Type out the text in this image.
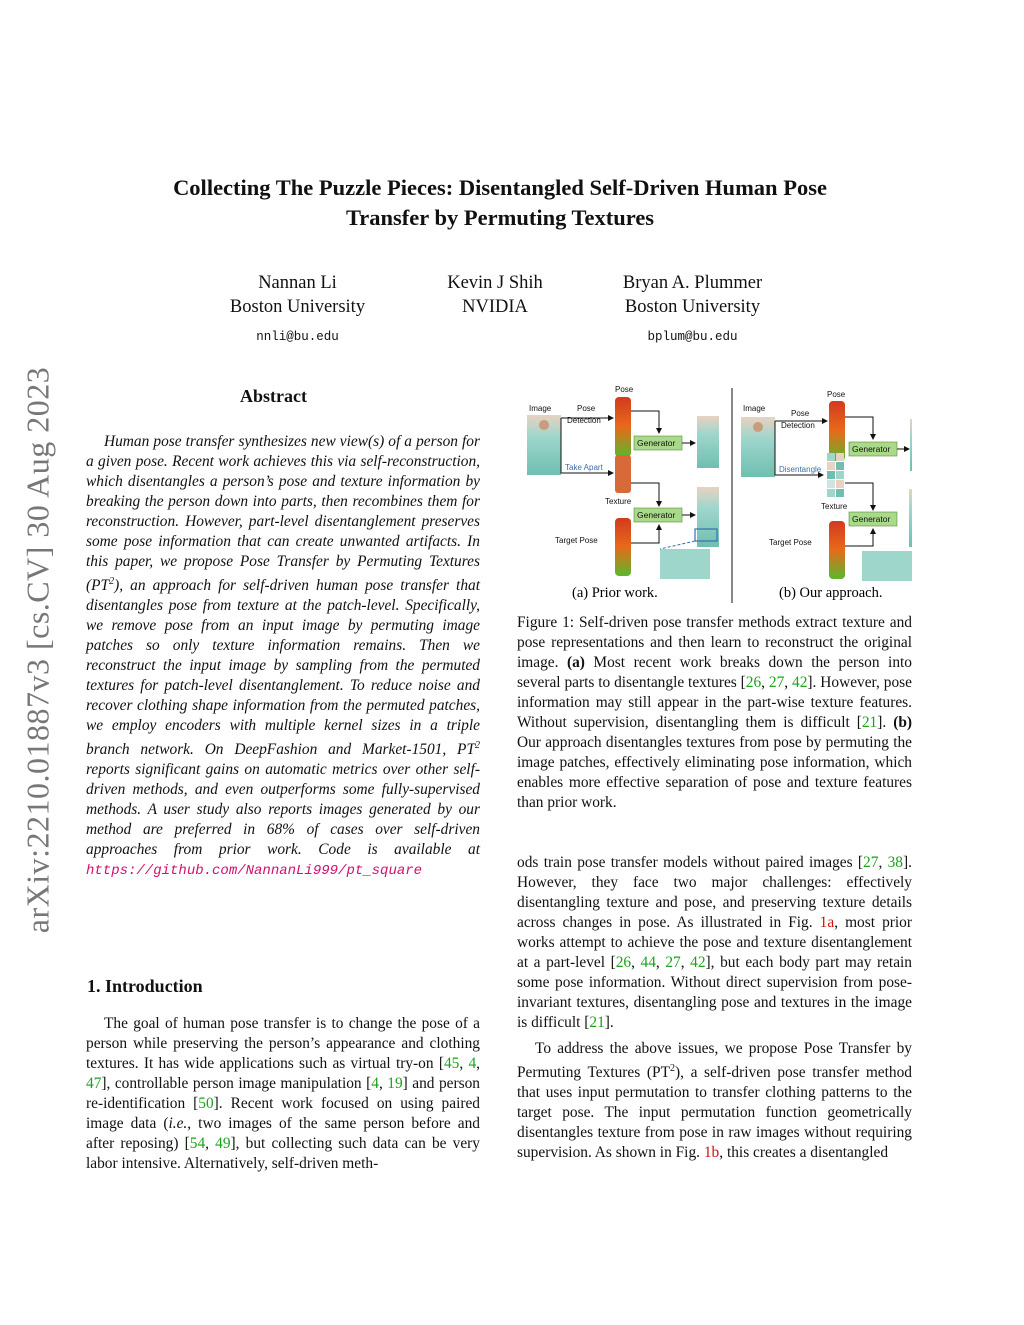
arXiv:2210.01887v3 [cs.CV] 30 Aug 2023
Collecting The Puzzle Pieces: Disentangled Self-Driven Human Pose
Transfer by Permuting Textures
Nannan Li
Boston University
nnli@bu.edu
Kevin J Shih
NVIDIA
Bryan A. Plummer
Boston University
bplum@bu.edu
Abstract
Human pose transfer synthesizes new view(s) of a person for a given pose. Recent work achieves this via self-reconstruction, which disentangles a person’s pose and texture information by breaking the person down into parts, then recombines them for reconstruction. However, part-level disentanglement preserves some pose information that can create unwanted artifacts. In this paper, we propose Pose Transfer by Permuting Textures $(PT^2)$, an approach for self-driven human pose transfer that disentangles pose from texture at the patch-level. Specifically, we remove pose from an input image by permuting image patches so only texture information remains. Then we reconstruct the input image by sampling from the permuted textures for patch-level disentanglement. To reduce noise and recover clothing shape information from the permuted patches, we employ encoders with multiple kernel sizes in a triple branch network. On DeepFashion and Market-1501, $PT^2$ reports significant gains on automatic metrics over other self-driven methods, and even outperforms some fully-supervised methods. A user study also reports images generated by our method are preferred in 68% of cases over self-driven approaches from prior work. Code is available at https://github.com/NannanLi999/pt_square
1. Introduction
The goal of human pose transfer is to change the pose of a person while preserving the person’s appearance and clothing textures. It has wide applications such as virtual try-on [45, 4, 47], controllable person image manipulation [4, 19] and person re-identification [50]. Recent work focused on using paired image data (i.e., two images of the same person before and after reposing) [54, 49], but collecting such data can be very labor intensive. Alternatively, self-driven meth-
Image	Pose
Detection
Pose
Take Apart
Texture
Generator
Generator
Target Pose
(a) Prior work.
Image
Pose
Detection
Pose
Disentangle
Texture
Generator
Generator
Target Pose
(b) Our approach.
Figure 1: Self-driven pose transfer methods extract texture and pose representations and then learn to reconstruct the original image. (a) Most recent work breaks down the person into several parts to disentangle textures [26, 27, 42]. However, pose information may still appear in the part-wise texture features. Without supervision, disentangling them is difficult [21]. (b) Our approach disentangles textures from pose by permuting the image patches, effectively eliminating pose information, which enables more effective separation of pose and texture features than prior work.
ods train pose transfer models without paired images [27, 38]. However, they face two major challenges: effectively disentangling texture and pose, and preserving texture details across changes in pose. As illustrated in Fig. 1a, most prior works attempt to achieve the pose and texture disentanglement at a part-level [26, 44, 27, 42], but each body part may retain some pose information. Without direct supervision from pose-invariant textures, disentangling pose and textures in the image is difficult [21].
To address the above issues, we propose Pose Transfer by Permuting Textures $(PT^2)$, a self-driven pose transfer method that uses input permutation to transfer clothing patterns to the target pose. The input permutation function geometrically disentangles texture from pose in raw images without requiring supervision. As shown in Fig. 1b, this creates a disentangled
